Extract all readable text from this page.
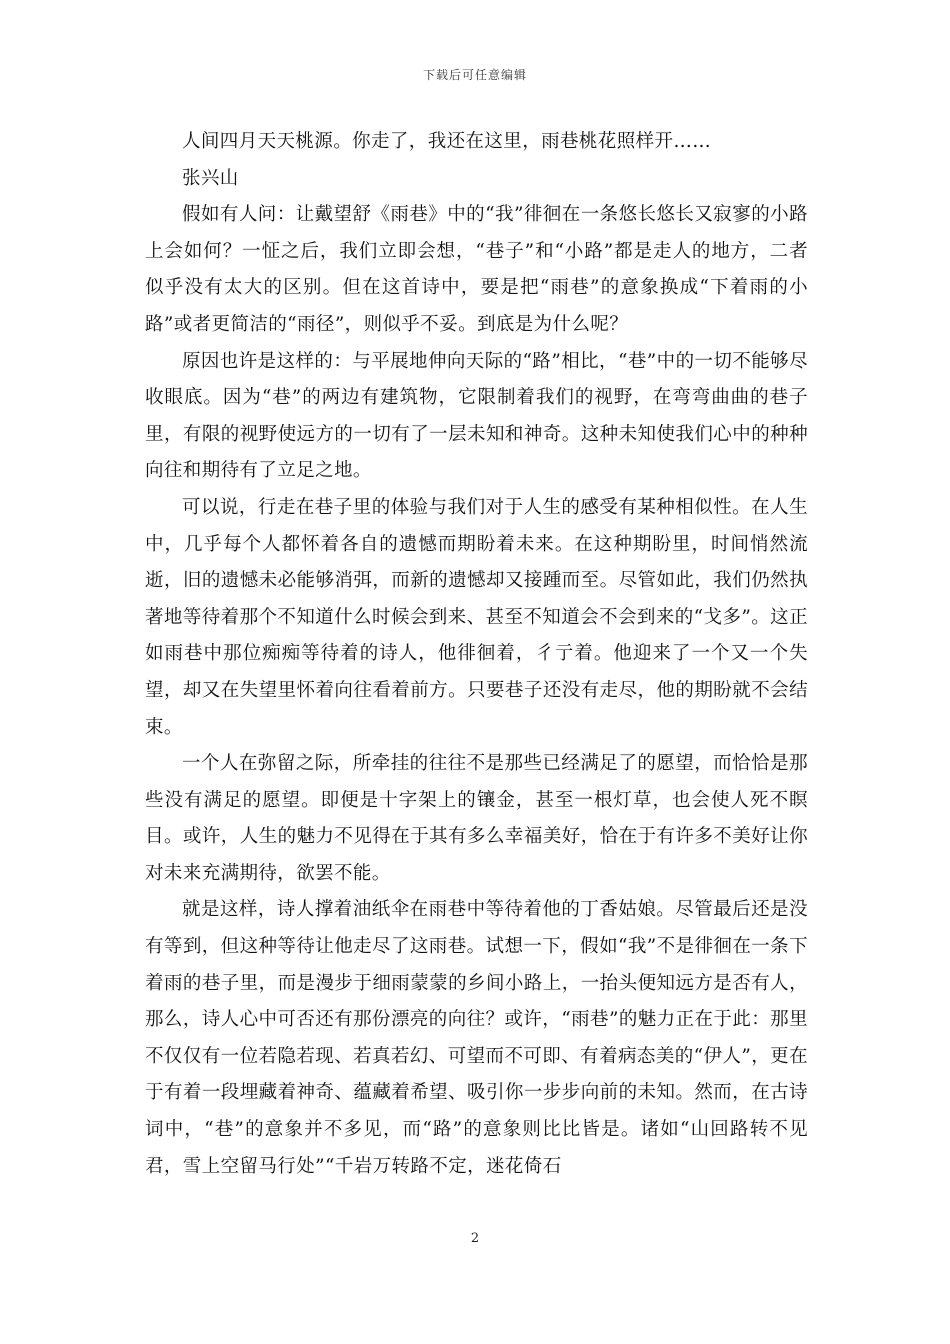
下载后可任意编辑

人间四月天天桃源。你走了，我还在这里，雨巷桃花照样开……

张兴山

假如有人问：让戴望舒《雨巷》中的“我”徘徊在一条悠长悠长又寂寥的小路上会如何？一怔之后，我们立即会想，“巷子”和“小路”都是走人的地方，二者似乎没有太大的区别。但在这首诗中，要是把“雨巷”的意象换成“下着雨的小路”或者更简洁的“雨径”，则似乎不妥。到底是为什么呢？

原因也许是这样的：与平展地伸向天际的“路”相比，“巷”中的一切不能够尽收眼底。因为“巷”的两边有建筑物，它限制着我们的视野，在弯弯曲曲的巷子里，有限的视野使远方的一切有了一层未知和神奇。这种未知使我们心中的种种向往和期待有了立足之地。

可以说，行走在巷子里的体验与我们对于人生的感受有某种相似性。在人生中，几乎每个人都怀着各自的遗憾而期盼着未来。在这种期盼里，时间悄然流逝，旧的遗憾未必能够消弭，而新的遗憾却又接踵而至。尽管如此，我们仍然执著地等待着那个不知道什么时候会到来、甚至不知道会不会到来的“戈多”。这正如雨巷中那位痴痴等待着的诗人，他徘徊着，彳亍着。他迎来了一个又一个失望，却又在失望里怀着向往看着前方。只要巷子还没有走尽，他的期盼就不会结束。

一个人在弥留之际，所牵挂的往往不是那些已经满足了的愿望，而恰恰是那些没有满足的愿望。即便是十字架上的镶金，甚至一根灯草，也会使人死不瞑目。或许，人生的魅力不见得在于其有多么幸福美好，恰在于有许多不美好让你对未来充满期待，欲罢不能。

就是这样，诗人撑着油纸伞在雨巷中等待着他的丁香姑娘。尽管最后还是没有等到，但这种等待让他走尽了这雨巷。试想一下，假如“我”不是徘徊在一条下着雨的巷子里，而是漫步于细雨蒙蒙的乡间小路上，一抬头便知远方是否有人，那么，诗人心中可否还有那份漂亮的向往？或许，“雨巷”的魅力正在于此：那里不仅仅有一位若隐若现、若真若幻、可望而不可即、有着病态美的“伊人”，更在于有着一段埋藏着神奇、蕴藏着希望、吸引你一步步向前的未知。然而，在古诗词中，“巷”的意象并不多见，而“路”的意象则比比皆是。诸如“山回路转不见君，雪上空留马行处”“千岩万转路不定，迷花倚石

2
